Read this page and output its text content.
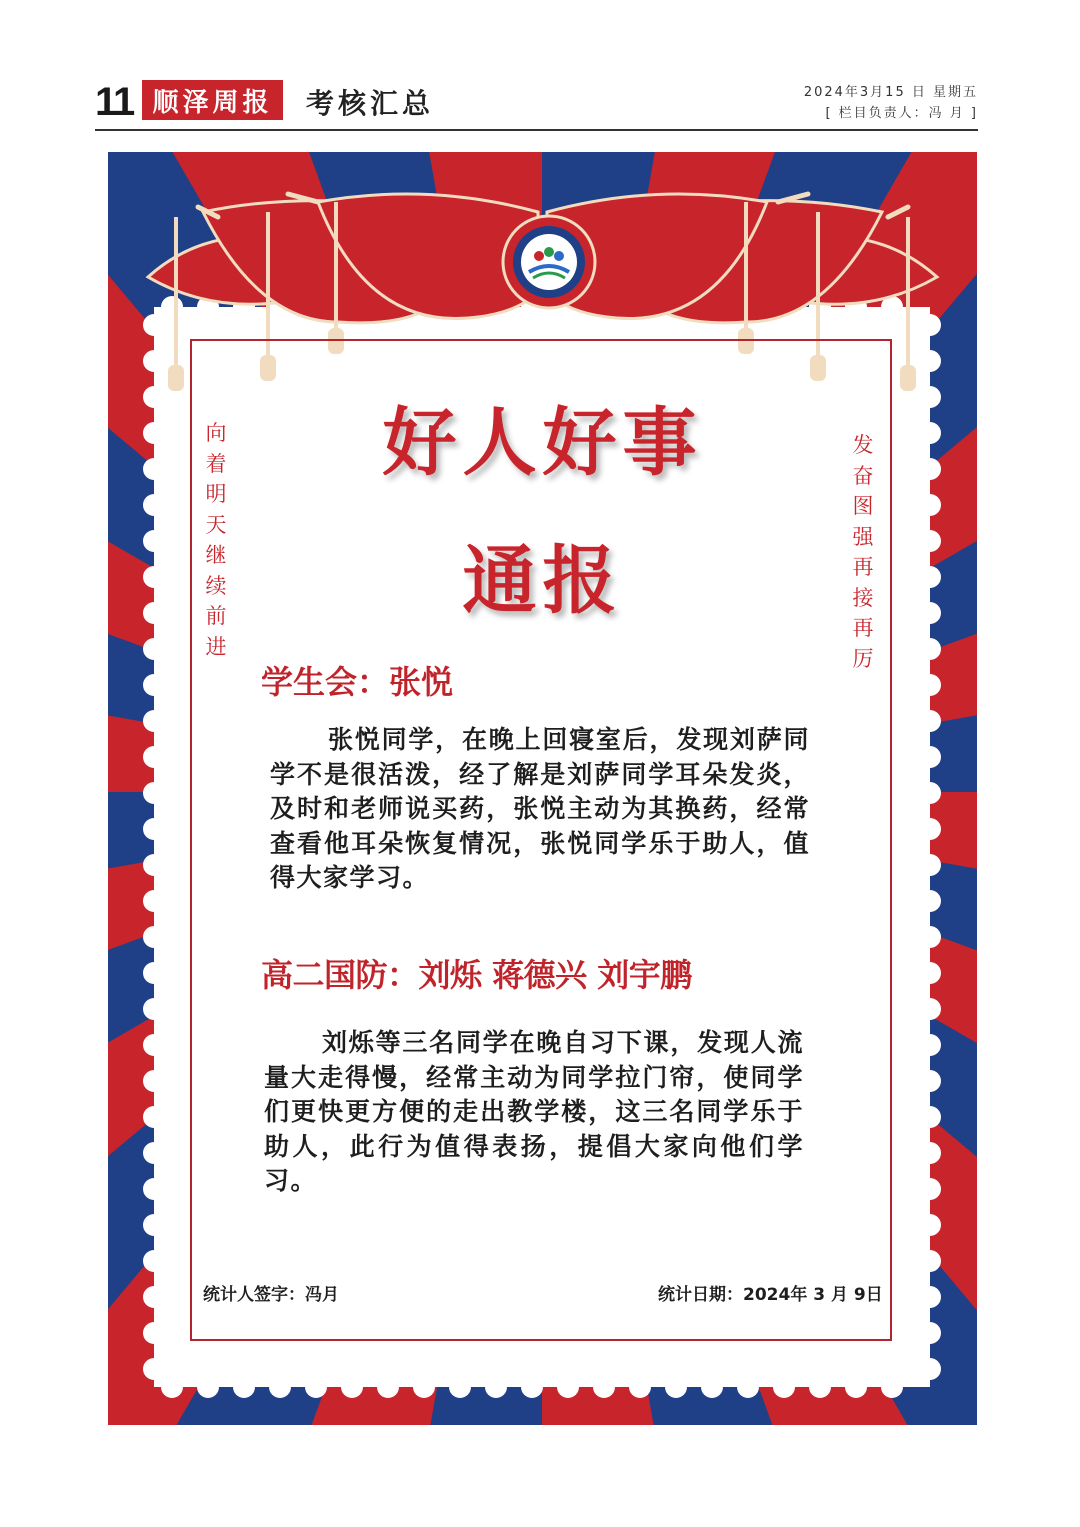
11 顺泽周报	考核汇总	2024年3月15 日 星期五
[ 栏目负责人：冯 月 ]
好人好事
通报
向着明天继续前进
发奋图强再接再厉
学生会：张悦
张悦同学，在晚上回寝室后，发现刘萨同学不是很活泼，经了解是刘萨同学耳朵发炎，及时和老师说买药，张悦主动为其换药，经常查看他耳朵恢复情况，张悦同学乐于助人，值得大家学习。
高二国防：刘烁 蒋德兴 刘宇鹏
刘烁等三名同学在晚自习下课，发现人流量大走得慢，经常主动为同学拉门帘，使同学们更快更方便的走出教学楼，这三名同学乐于助人，此行为值得表扬，提倡大家向他们学习。
统计人签字：冯月	统计日期：2024年 3 月 9日
